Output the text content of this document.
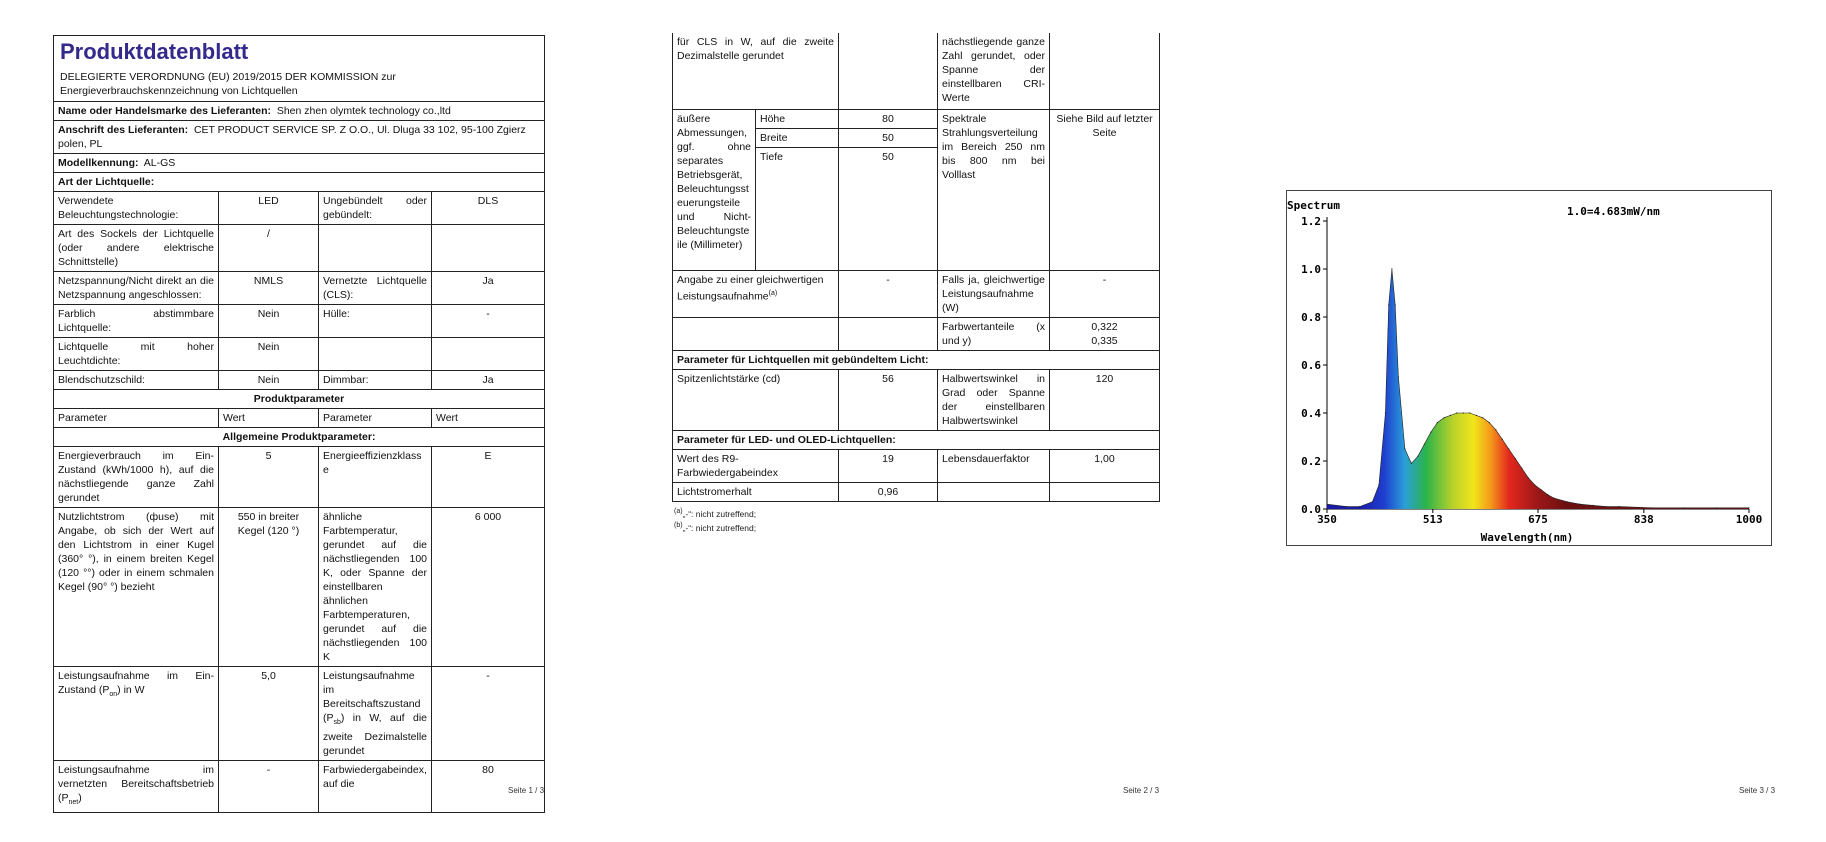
Produktdatenblatt
DELEGIERTE VERORDNUNG (EU) 2019/2015 DER KOMMISSION zur Energieverbrauchskennzeichnung von Lichtquellen			

Name oder Handelsmarke des Lieferanten: Shen zhen olymtek technology co.,ltd			
Anschrift des Lieferanten: CET PRODUCT SERVICE SP. Z O.O., Ul. Dluga 33 102, 95-100 Zgierz polen, PL			
Modellkennung: AL-GS			
Art der Lichtquelle:			
Verwendete Beleuchtungstechnologie:	LED	Ungebündelt oder gebündelt:	DLS
Art des Sockels der Lichtquelle (oder andere elektrische Schnittstelle)	/		
Netzspannung/Nicht direkt an die Netzspannung angeschlossen:	NMLS	Vernetzte Lichtquelle (CLS):	Ja
Farblich abstimmbare Lichtquelle:	Nein	Hülle:	-
Lichtquelle mit hoher Leuchtdichte:	Nein		
Blendschutzschild:	Nein	Dimmbar:	Ja
Produktparameter			
Parameter	Wert	Parameter	Wert
Allgemeine Produktparameter:			
Energieverbrauch im Ein-Zustand (kWh/1000 h), auf die nächstliegende ganze Zahl gerundet	5	Energieeffizienzklasse	E
Nutzlichtstrom (фuse) mit Angabe, ob sich der Wert auf den Lichtstrom in einer Kugel (360° °), in einem breiten Kegel (120 °°) oder in einem schmalen Kegel (90° °) bezieht	550 in breiter Kegel (120 °)	ähnliche Farbtemperatur, gerundet auf die nächstliegenden 100 K, oder Spanne der einstellbaren ähnlichen Farbtemperaturen, gerundet auf die nächstliegenden 100 K	6 000
Leistungsaufnahme im Ein-Zustand $(P_{on})$ in W	5,0	Leistungsaufnahme im Bereitschaftszustand $(P_{sb})$ in W, auf die zweite Dezimalstelle gerundet	-
Leistungsaufnahme im vernetzten Bereitschaftsbetrieb $(P_{net})$	-	Farbwiedergabeindex, auf die	80
Seite 1 / 3
für CLS in W, auf die zweite Dezimalstelle gerundet			nächstliegende ganze Zahl gerundet, oder Spanne der einstellbaren CRI-Werte	
äußere Abmessungen, ggf. ohne separates Betriebsgerät, Beleuchtungssteuerungsteile und Nicht-Beleuchtungsteile (Millimeter)	Höhe	80	Spektrale Strahlungsverteilung im Bereich 250 nm bis 800 nm bei Volllast	Siehe Bild auf letzter Seite
	Breite	50		
	Tiefe	50		
Angabe zu einer gleichwertigen Leistungsaufnahme$^{(a)}$		-	Falls ja, gleichwertige Leistungsaufnahme (W)	-
			Farbwertanteile (x und y)	0,322
0,335
Parameter für Lichtquellen mit gebündeltem Licht:				
Spitzenlichtstärke (cd)		56	Halbwertswinkel in Grad oder Spanne der einstellbaren Halbwertswinkel	120
Parameter für LED- und OLED-Lichtquellen:				
Wert des R9-Farbwiedergabeindex		19	Lebensdauerfaktor	1,00
Lichtstromerhalt		0,96		
$^{(a)}$„-“: nicht zutreffend;
$^{(b)}$„-“: nicht zutreffend;
Seite 2 / 3
Spectrum	1.0=4.683mW/nm
Wavelength(nm)
0.0
0.2
0.4
0.6
0.8
1.0
1.2
350	513	675	838	1000
Seite 3 / 3
